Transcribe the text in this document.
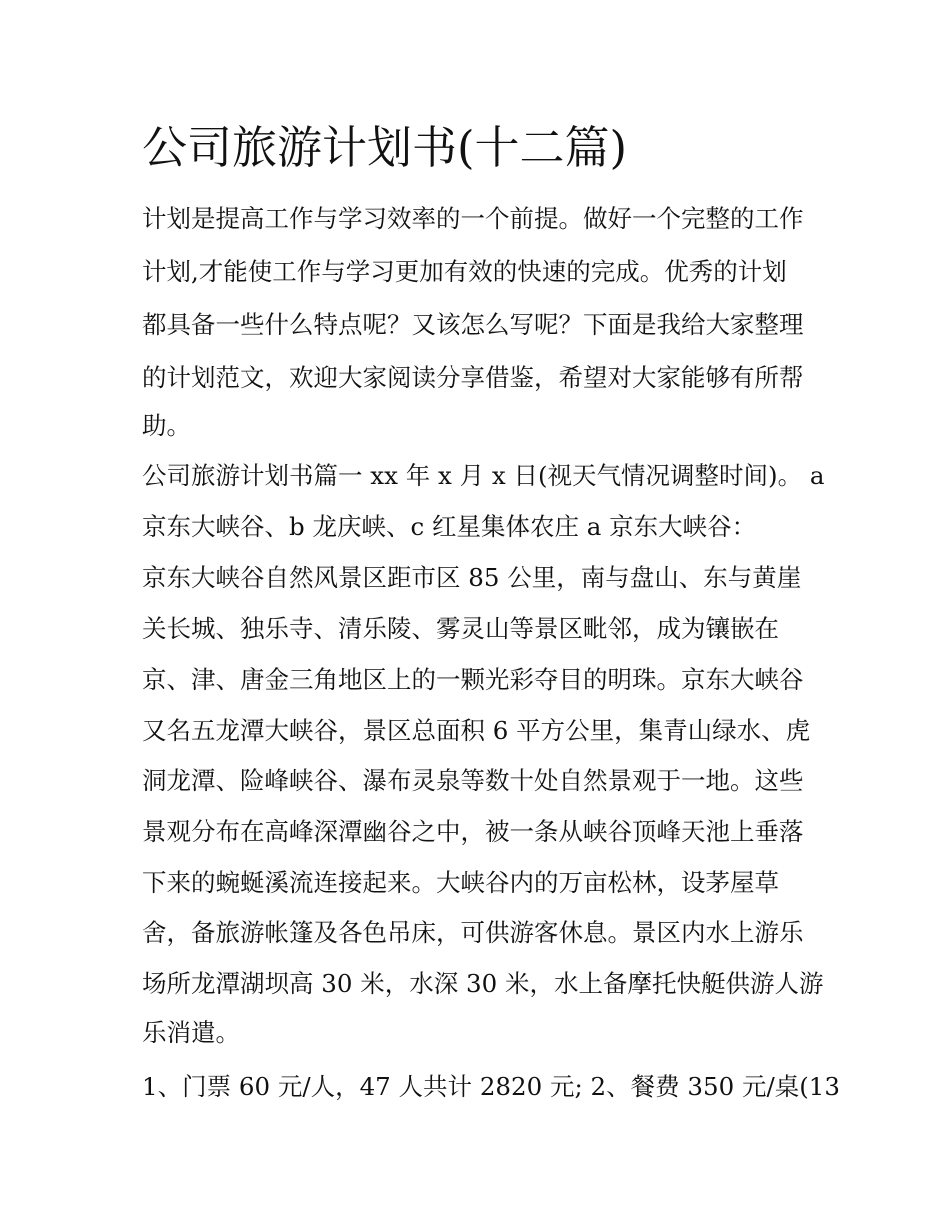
公司旅游计划书(十二篇)

计划是提高工作与学习效率的一个前提。做好一个完整的工作

计划,才能使工作与学习更加有效的快速的完成。优秀的计划

都具备一些什么特点呢？又该怎么写呢？下面是我给大家整理

的计划范文，欢迎大家阅读分享借鉴，希望对大家能够有所帮

助。

公司旅游计划书篇一 xx 年 x 月 x 日(视天气情况调整时间)。 a

京东大峡谷、b 龙庆峡、c 红星集体农庄 a 京东大峡谷：

京东大峡谷自然风景区距市区 85 公里，南与盘山、东与黄崖

关长城、独乐寺、清乐陵、雾灵山等景区毗邻，成为镶嵌在

京、津、唐金三角地区上的一颗光彩夺目的明珠。京东大峡谷

又名五龙潭大峡谷，景区总面积 6 平方公里，集青山绿水、虎

洞龙潭、险峰峡谷、瀑布灵泉等数十处自然景观于一地。这些

景观分布在高峰深潭幽谷之中，被一条从峡谷顶峰天池上垂落

下来的蜿蜒溪流连接起来。大峡谷内的万亩松林，设茅屋草

舍，备旅游帐篷及各色吊床，可供游客休息。景区内水上游乐

场所龙潭湖坝高 30 米，水深 30 米，水上备摩托快艇供游人游

乐消遣。

1、门票 60 元/人，47 人共计 2820 元; 2、餐费 350 元/桌(13
